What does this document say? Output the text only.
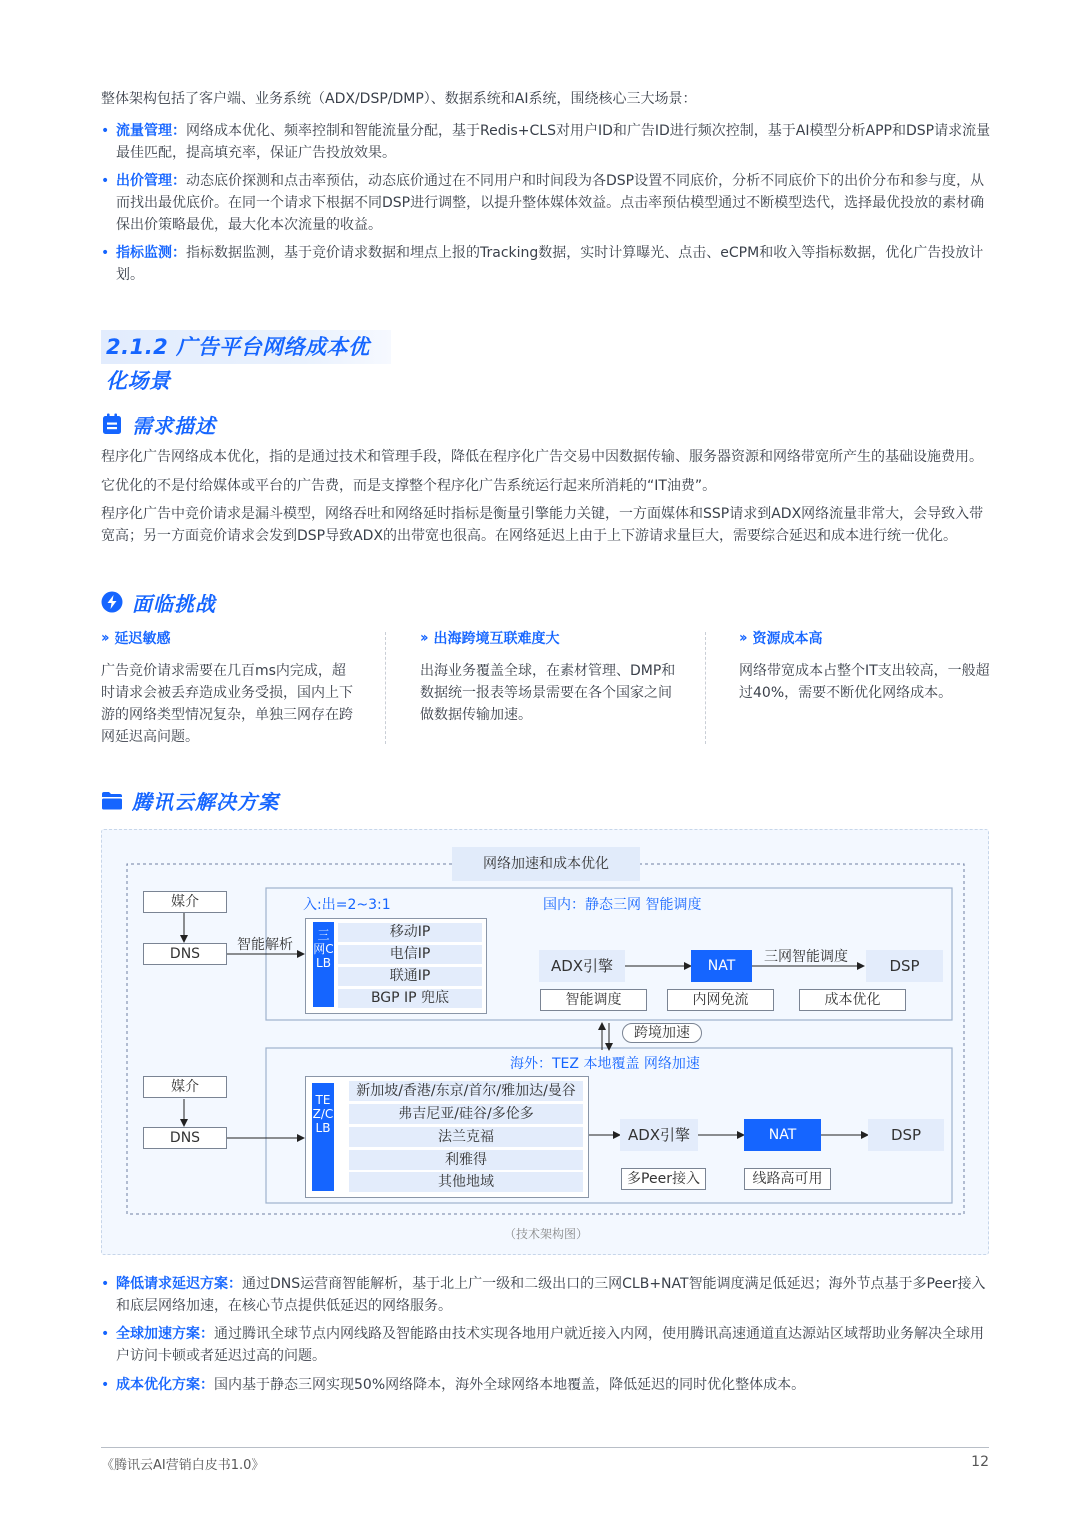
整体架构包括了客户端、业务系统（ADX/DSP/DMP）、数据系统和AI系统，围绕核心三大场景：

• 流量管理：网络成本优化、频率控制和智能流量分配，基于Redis+CLS对用户ID和广告ID进行频次控制，基于AI模型分析APP和DSP请求流量最佳匹配，提高填充率，保证广告投放效果。
• 出价管理：动态底价探测和点击率预估，动态底价通过在不同用户和时间段为各DSP设置不同底价，分析不同底价下的出价分布和参与度，从而找出最优底价。在同一个请求下根据不同DSP进行调整，以提升整体媒体效益。点击率预估模型通过不断模型迭代，选择最优投放的素材确保出价策略最优，最大化本次流量的收益。
• 指标监测：指标数据监测，基于竞价请求数据和埋点上报的Tracking数据，实时计算曝光、点击、eCPM和收入等指标数据，优化广告投放计划。
2.1.2 广告平台网络成本优化场景
需求描述

程序化广告网络成本优化，指的是通过技术和管理手段，降低在程序化广告交易中因数据传输、服务器资源和网络带宽所产生的基础设施费用。

它优化的不是付给媒体或平台的广告费，而是支撑整个程序化广告系统运行起来所消耗的“IT油费”。

程序化广告中竞价请求是漏斗模型，网络吞吐和网络延时指标是衡量引擎能力关键，一方面媒体和SSP请求到ADX网络流量非常大，会导致入带宽高；另一方面竞价请求会发到DSP导致ADX的出带宽也很高。在网络延迟上由于上下游请求量巨大，需要综合延迟和成本进行统一优化。

面临挑战
›› 延迟敏感

广告竞价请求需要在几百ms内完成，超时请求会被丢弃造成业务受损，国内上下游的网络类型情况复杂，单独三网存在跨网延迟高问题。

›› 出海跨境互联难度大

出海业务覆盖全球，在素材管理、DMP和数据统一报表等场景需要在各个国家之间做数据传输加速。

›› 资源成本高

网络带宽成本占整个IT支出较高，一般超过40%，需要不断优化网络成本。

腾讯云解决方案
网络加速和成本优化
媒介
DNS
智能解析
入:出=2~3:1	国内：静态三网 智能调度
三网CLB
移动IP
电信IP
联通IP
BGP IP 兜底
ADX引擎	NAT
三网智能调度	DSP
智能调度	内网免流	成本优化
跨境加速
海外：TEZ 本地覆盖 网络加速
媒介
DNS
TEZ/CLB
新加坡/香港/东京/首尔/雅加达/曼谷
弗吉尼亚/硅谷/多伦多
法兰克福
利雅得
其他地域
ADX引擎	NAT	DSP
多Peer接入	线路高可用
（技术架构图）
• 降低请求延迟方案：通过DNS运营商智能解析，基于北上广一级和二级出口的三网CLB+NAT智能调度满足低延迟；海外节点基于多Peer接入和底层网络加速，在核心节点提供低延迟的网络服务。
• 全球加速方案：通过腾讯全球节点内网线路及智能路由技术实现各地用户就近接入内网，使用腾讯高速通道直达源站区域帮助业务解决全球用户访问卡顿或者延迟过高的问题。
• 成本优化方案：国内基于静态三网实现50%网络降本，海外全球网络本地覆盖，降低延迟的同时优化整体成本。
《腾讯云AI营销白皮书1.0》	12
